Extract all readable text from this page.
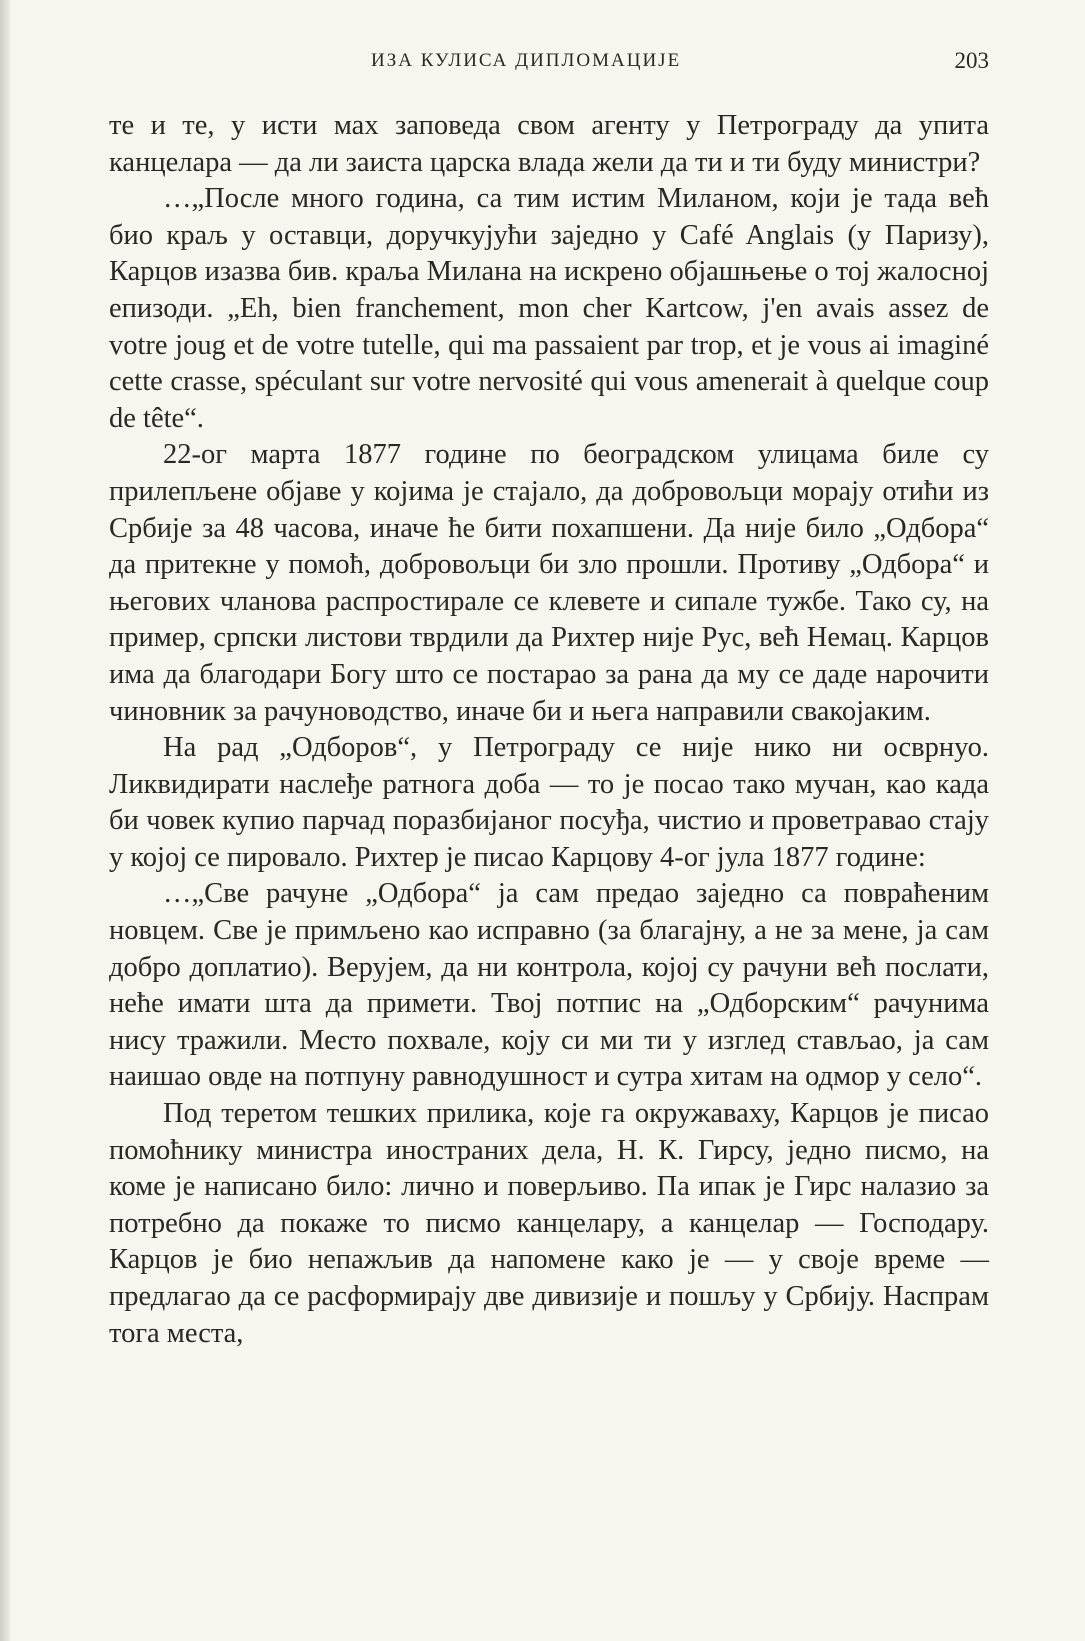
ИЗА КУЛИСА ДИПЛОМАЦИЈЕ	203

те и те, у исти мах заповеда свом агенту у Петрограду да упита канцелара — да ли заиста царска влада жели да ти и ти буду министри?

…„После много година, са тим истим Миланом, који је тада већ био краљ у оставци, доручкујући заједно у Café Anglais (у Паризу), Карцов изазва бив. краља Милана на искрено објашњење о тој жалосној епизоди. „Eh, bien franchement, mon cher Kartcow, j'en avais assez de votre joug et de votre tutelle, qui ma passaient par trop, et je vous ai imaginé cette crasse, spéculant sur votre nervosité qui vous amenerait à quelque coup de tête“.

22-ог марта 1877 године по београдском улицама биле су прилепљене објаве у којима је стајало, да добровољци морају отићи из Србије за 48 часова, иначе ће бити похапшени. Да није било „Одбора“ да притекне у помоћ, добровољци би зло прошли. Противу „Одбора“ и његових чланова распростирале се клевете и сипале тужбе. Тако су, на пример, српски листови тврдили да Рихтер није Рус, већ Немац. Карцов има да благодари Богу што се постарао за рана да му се даде нарочити чиновник за рачуноводство, иначе би и њега направили свакојаким.

На рад „Одборов“, у Петрограду се није нико ни осврнуо. Ликвидирати наслеђе ратнога доба — то је посао тако мучан, као када би човек купио парчад поразбијаног посуђа, чистио и проветравао стају у којој се пировало. Рихтер је писао Карцову 4-ог јула 1877 године:

…„Све рачуне „Одбора“ ја сам предао заједно са повраћеним новцем. Све је примљено као исправно (за благајну, а не за мене, ја сам добро доплатио). Верујем, да ни контрола, којој су рачуни већ послати, неће имати шта да примети. Твој потпис на „Одборским“ рачунима нису тражили. Место похвале, коју си ми ти у изглед стављао, ја сам наишао овде на потпуну равнодушност и сутра хитам на одмор у село“.

Под теретом тешких прилика, које га окружаваху, Карцов је писао помоћнику министра иностраних дела, Н. К. Гирсу, једно писмо, на коме је написано било: лично и поверљиво. Па ипак је Гирс налазио за потребно да покаже то писмо канцелару, а канцелар — Господару. Карцов је био непажљив да напомене како је — у своје време — предлагао да се расформирају две дивизије и пошљу у Србију. Наспрам тога места,
